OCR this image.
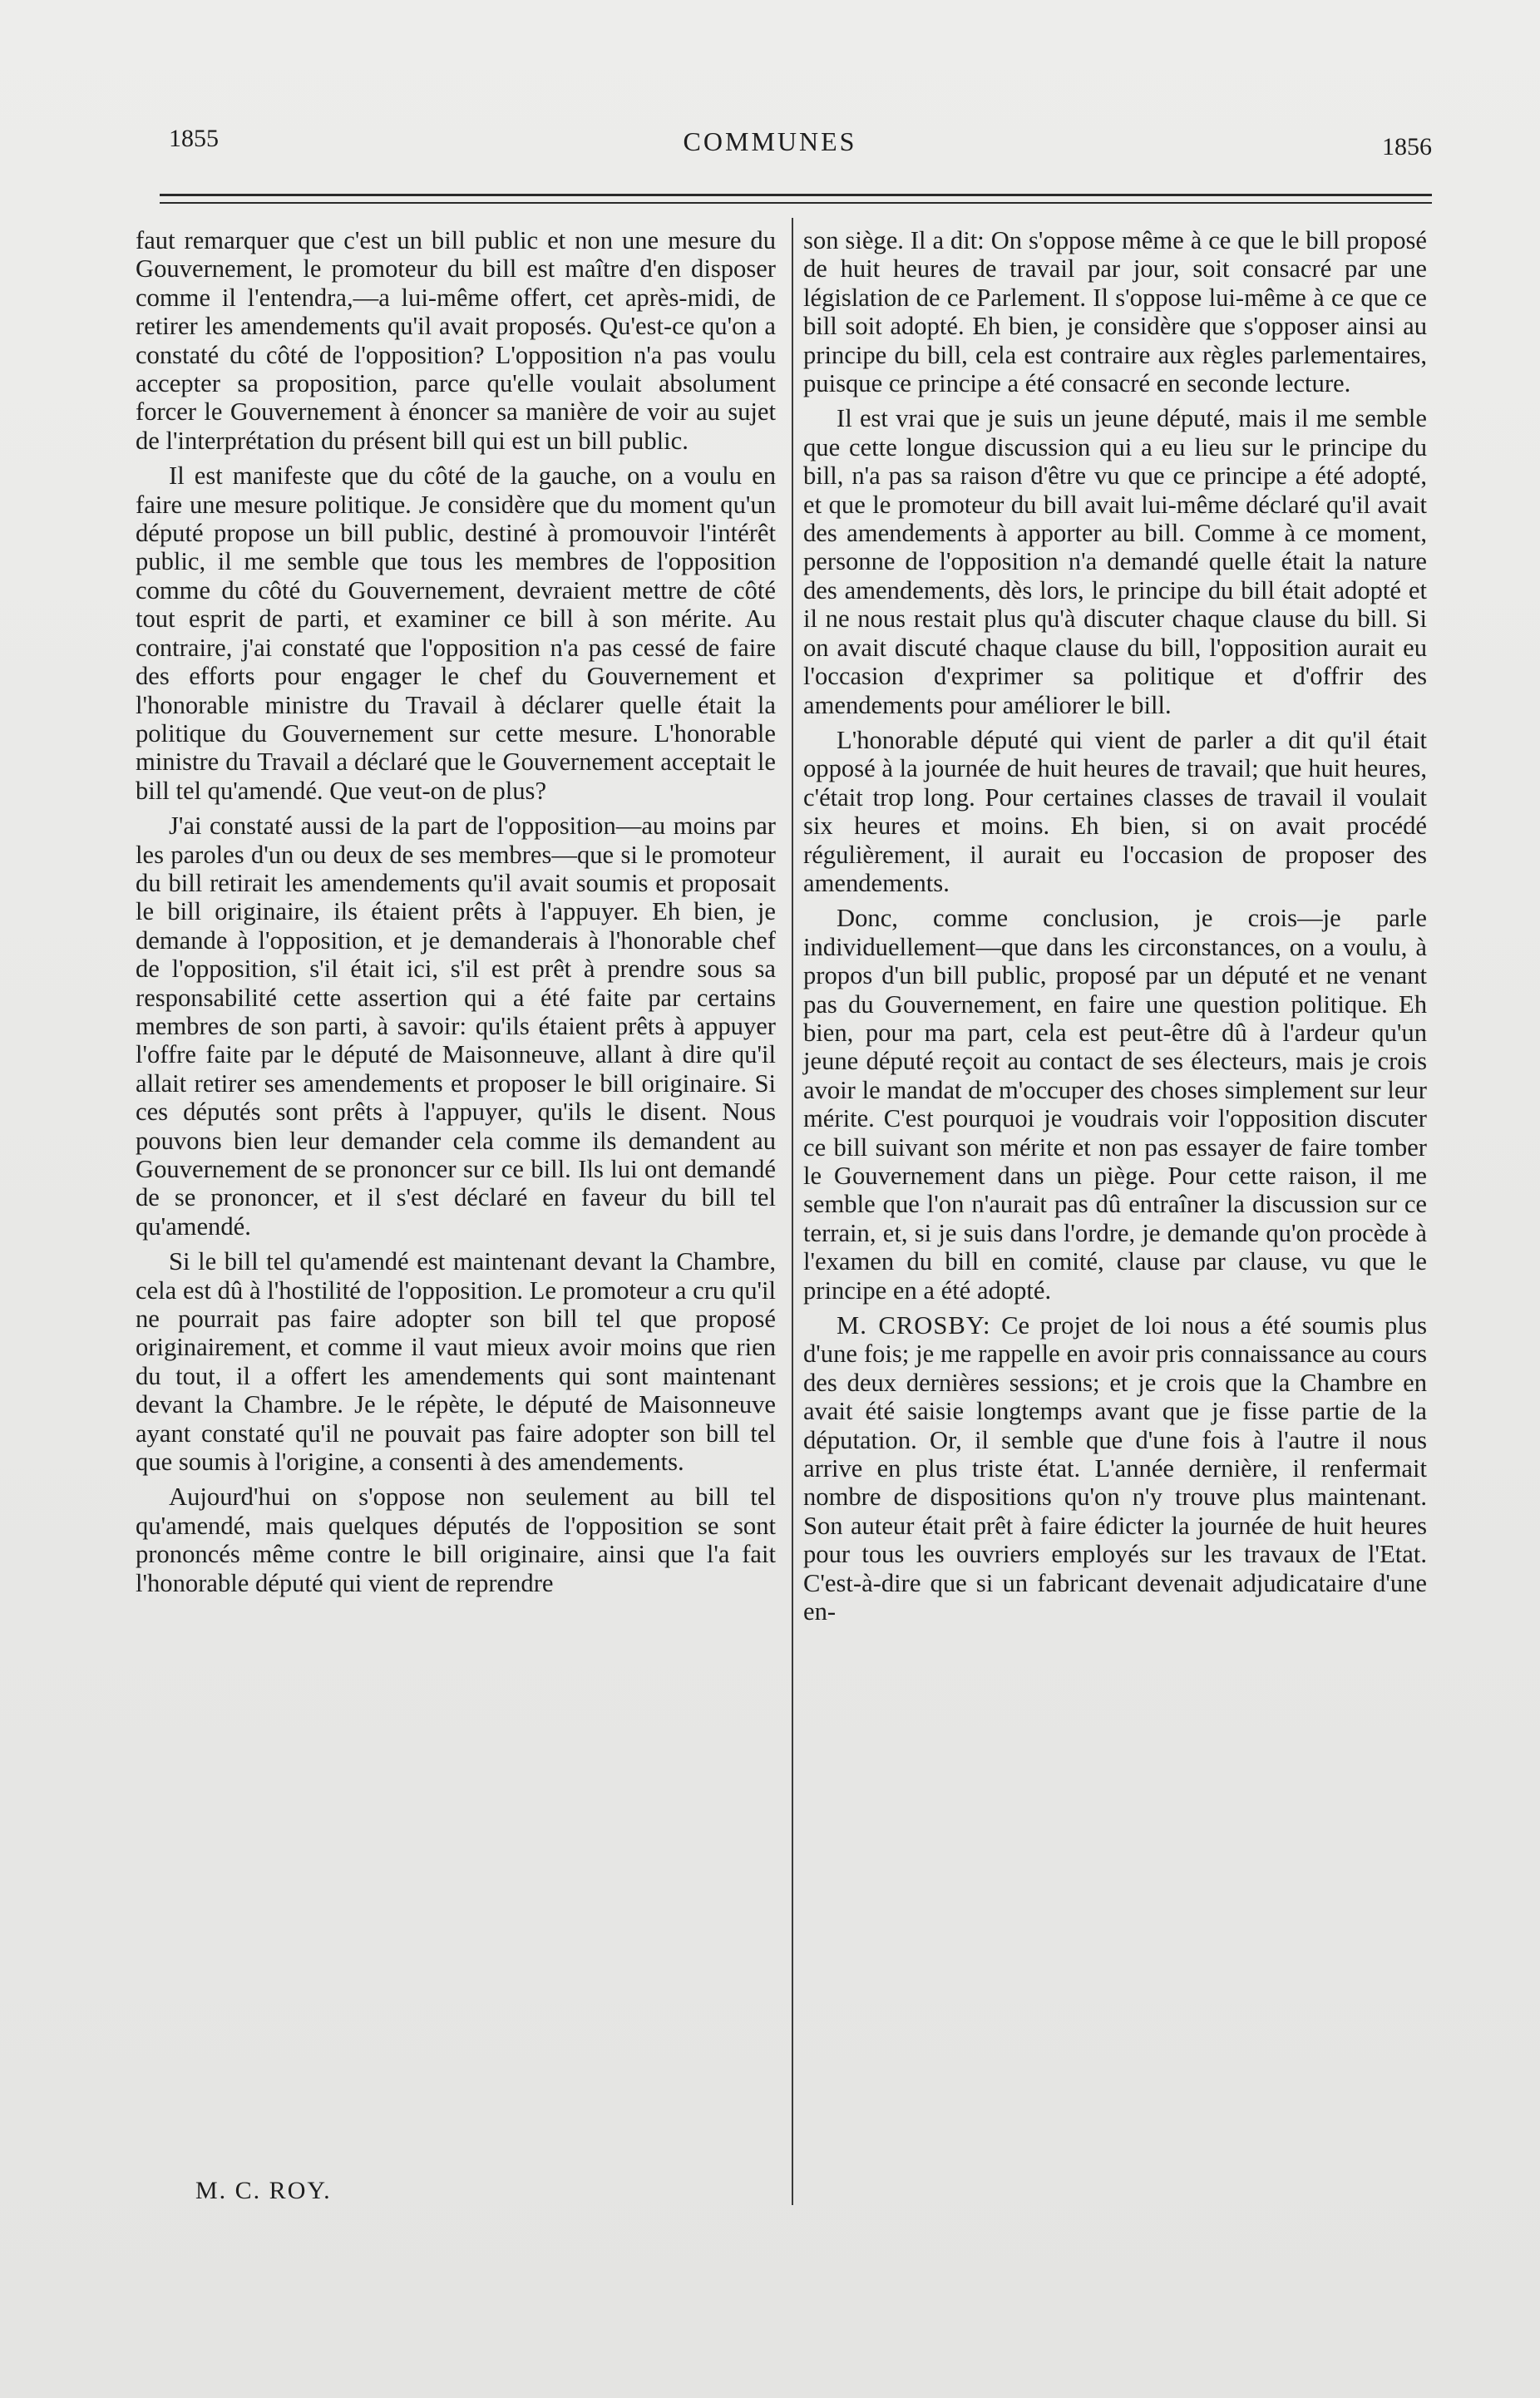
1855	COMMUNES	1856

faut remarquer que c'est un bill public et non une mesure du Gouvernement, le promoteur du bill est maître d'en disposer comme il l'entendra,—a lui-même offert, cet après-midi, de retirer les amendements qu'il avait proposés. Qu'est-ce qu'on a constaté du côté de l'opposition? L'opposition n'a pas voulu accepter sa proposition, parce qu'elle voulait absolument forcer le Gouvernement à énoncer sa manière de voir au sujet de l'interprétation du présent bill qui est un bill public.

Il est manifeste que du côté de la gauche, on a voulu en faire une mesure politique. Je considère que du moment qu'un député propose un bill public, destiné à promouvoir l'intérêt public, il me semble que tous les membres de l'opposition comme du côté du Gouvernement, devraient mettre de côté tout esprit de parti, et examiner ce bill à son mérite. Au contraire, j'ai constaté que l'opposition n'a pas cessé de faire des efforts pour engager le chef du Gouvernement et l'honorable ministre du Travail à déclarer quelle était la politique du Gouvernement sur cette mesure. L'honorable ministre du Travail a déclaré que le Gouvernement acceptait le bill tel qu'amendé. Que veut-on de plus?

J'ai constaté aussi de la part de l'opposition—au moins par les paroles d'un ou deux de ses membres—que si le promoteur du bill retirait les amendements qu'il avait soumis et proposait le bill originaire, ils étaient prêts à l'appuyer. Eh bien, je demande à l'opposition, et je demanderais à l'honorable chef de l'opposition, s'il était ici, s'il est prêt à prendre sous sa responsabilité cette assertion qui a été faite par certains membres de son parti, à savoir: qu'ils étaient prêts à appuyer l'offre faite par le député de Maisonneuve, allant à dire qu'il allait retirer ses amendements et proposer le bill originaire. Si ces députés sont prêts à l'appuyer, qu'ils le disent. Nous pouvons bien leur demander cela comme ils demandent au Gouvernement de se prononcer sur ce bill. Ils lui ont demandé de se prononcer, et il s'est déclaré en faveur du bill tel qu'amendé.

Si le bill tel qu'amendé est maintenant devant la Chambre, cela est dû à l'hostilité de l'opposition. Le promoteur a cru qu'il ne pourrait pas faire adopter son bill tel que proposé originairement, et comme il vaut mieux avoir moins que rien du tout, il a offert les amendements qui sont maintenant devant la Chambre. Je le répète, le député de Maisonneuve ayant constaté qu'il ne pouvait pas faire adopter son bill tel que soumis à l'origine, a consenti à des amendements.

Aujourd'hui on s'oppose non seulement au bill tel qu'amendé, mais quelques députés de l'opposition se sont prononcés même contre le bill originaire, ainsi que l'a fait l'honorable député qui vient de reprendre

son siège. Il a dit: On s'oppose même à ce que le bill proposé de huit heures de travail par jour, soit consacré par une législation de ce Parlement. Il s'oppose lui-même à ce que ce bill soit adopté. Eh bien, je considère que s'opposer ainsi au principe du bill, cela est contraire aux règles parlementaires, puisque ce principe a été consacré en seconde lecture.

Il est vrai que je suis un jeune député, mais il me semble que cette longue discussion qui a eu lieu sur le principe du bill, n'a pas sa raison d'être vu que ce principe a été adopté, et que le promoteur du bill avait lui-même déclaré qu'il avait des amendements à apporter au bill. Comme à ce moment, personne de l'opposition n'a demandé quelle était la nature des amendements, dès lors, le principe du bill était adopté et il ne nous restait plus qu'à discuter chaque clause du bill. Si on avait discuté chaque clause du bill, l'opposition aurait eu l'occasion d'exprimer sa politique et d'offrir des amendements pour améliorer le bill.

L'honorable député qui vient de parler a dit qu'il était opposé à la journée de huit heures de travail; que huit heures, c'était trop long. Pour certaines classes de travail il voulait six heures et moins. Eh bien, si on avait procédé régulièrement, il aurait eu l'occasion de proposer des amendements.

Donc, comme conclusion, je crois—je parle individuellement—que dans les circonstances, on a voulu, à propos d'un bill public, proposé par un député et ne venant pas du Gouvernement, en faire une question politique. Eh bien, pour ma part, cela est peut-être dû à l'ardeur qu'un jeune député reçoit au contact de ses électeurs, mais je crois avoir le mandat de m'occuper des choses simplement sur leur mérite. C'est pourquoi je voudrais voir l'opposition discuter ce bill suivant son mérite et non pas essayer de faire tomber le Gouvernement dans un piège. Pour cette raison, il me semble que l'on n'aurait pas dû entraîner la discussion sur ce terrain, et, si je suis dans l'ordre, je demande qu'on procède à l'examen du bill en comité, clause par clause, vu que le principe en a été adopté.

M. CROSBY: Ce projet de loi nous a été soumis plus d'une fois; je me rappelle en avoir pris connaissance au cours des deux dernières sessions; et je crois que la Chambre en avait été saisie longtemps avant que je fisse partie de la députation. Or, il semble que d'une fois à l'autre il nous arrive en plus triste état. L'année dernière, il renfermait nombre de dispositions qu'on n'y trouve plus maintenant. Son auteur était prêt à faire édicter la journée de huit heures pour tous les ouvriers employés sur les travaux de l'Etat. C'est-à-dire que si un fabricant devenait adjudicataire d'une en-

M. C. ROY.
